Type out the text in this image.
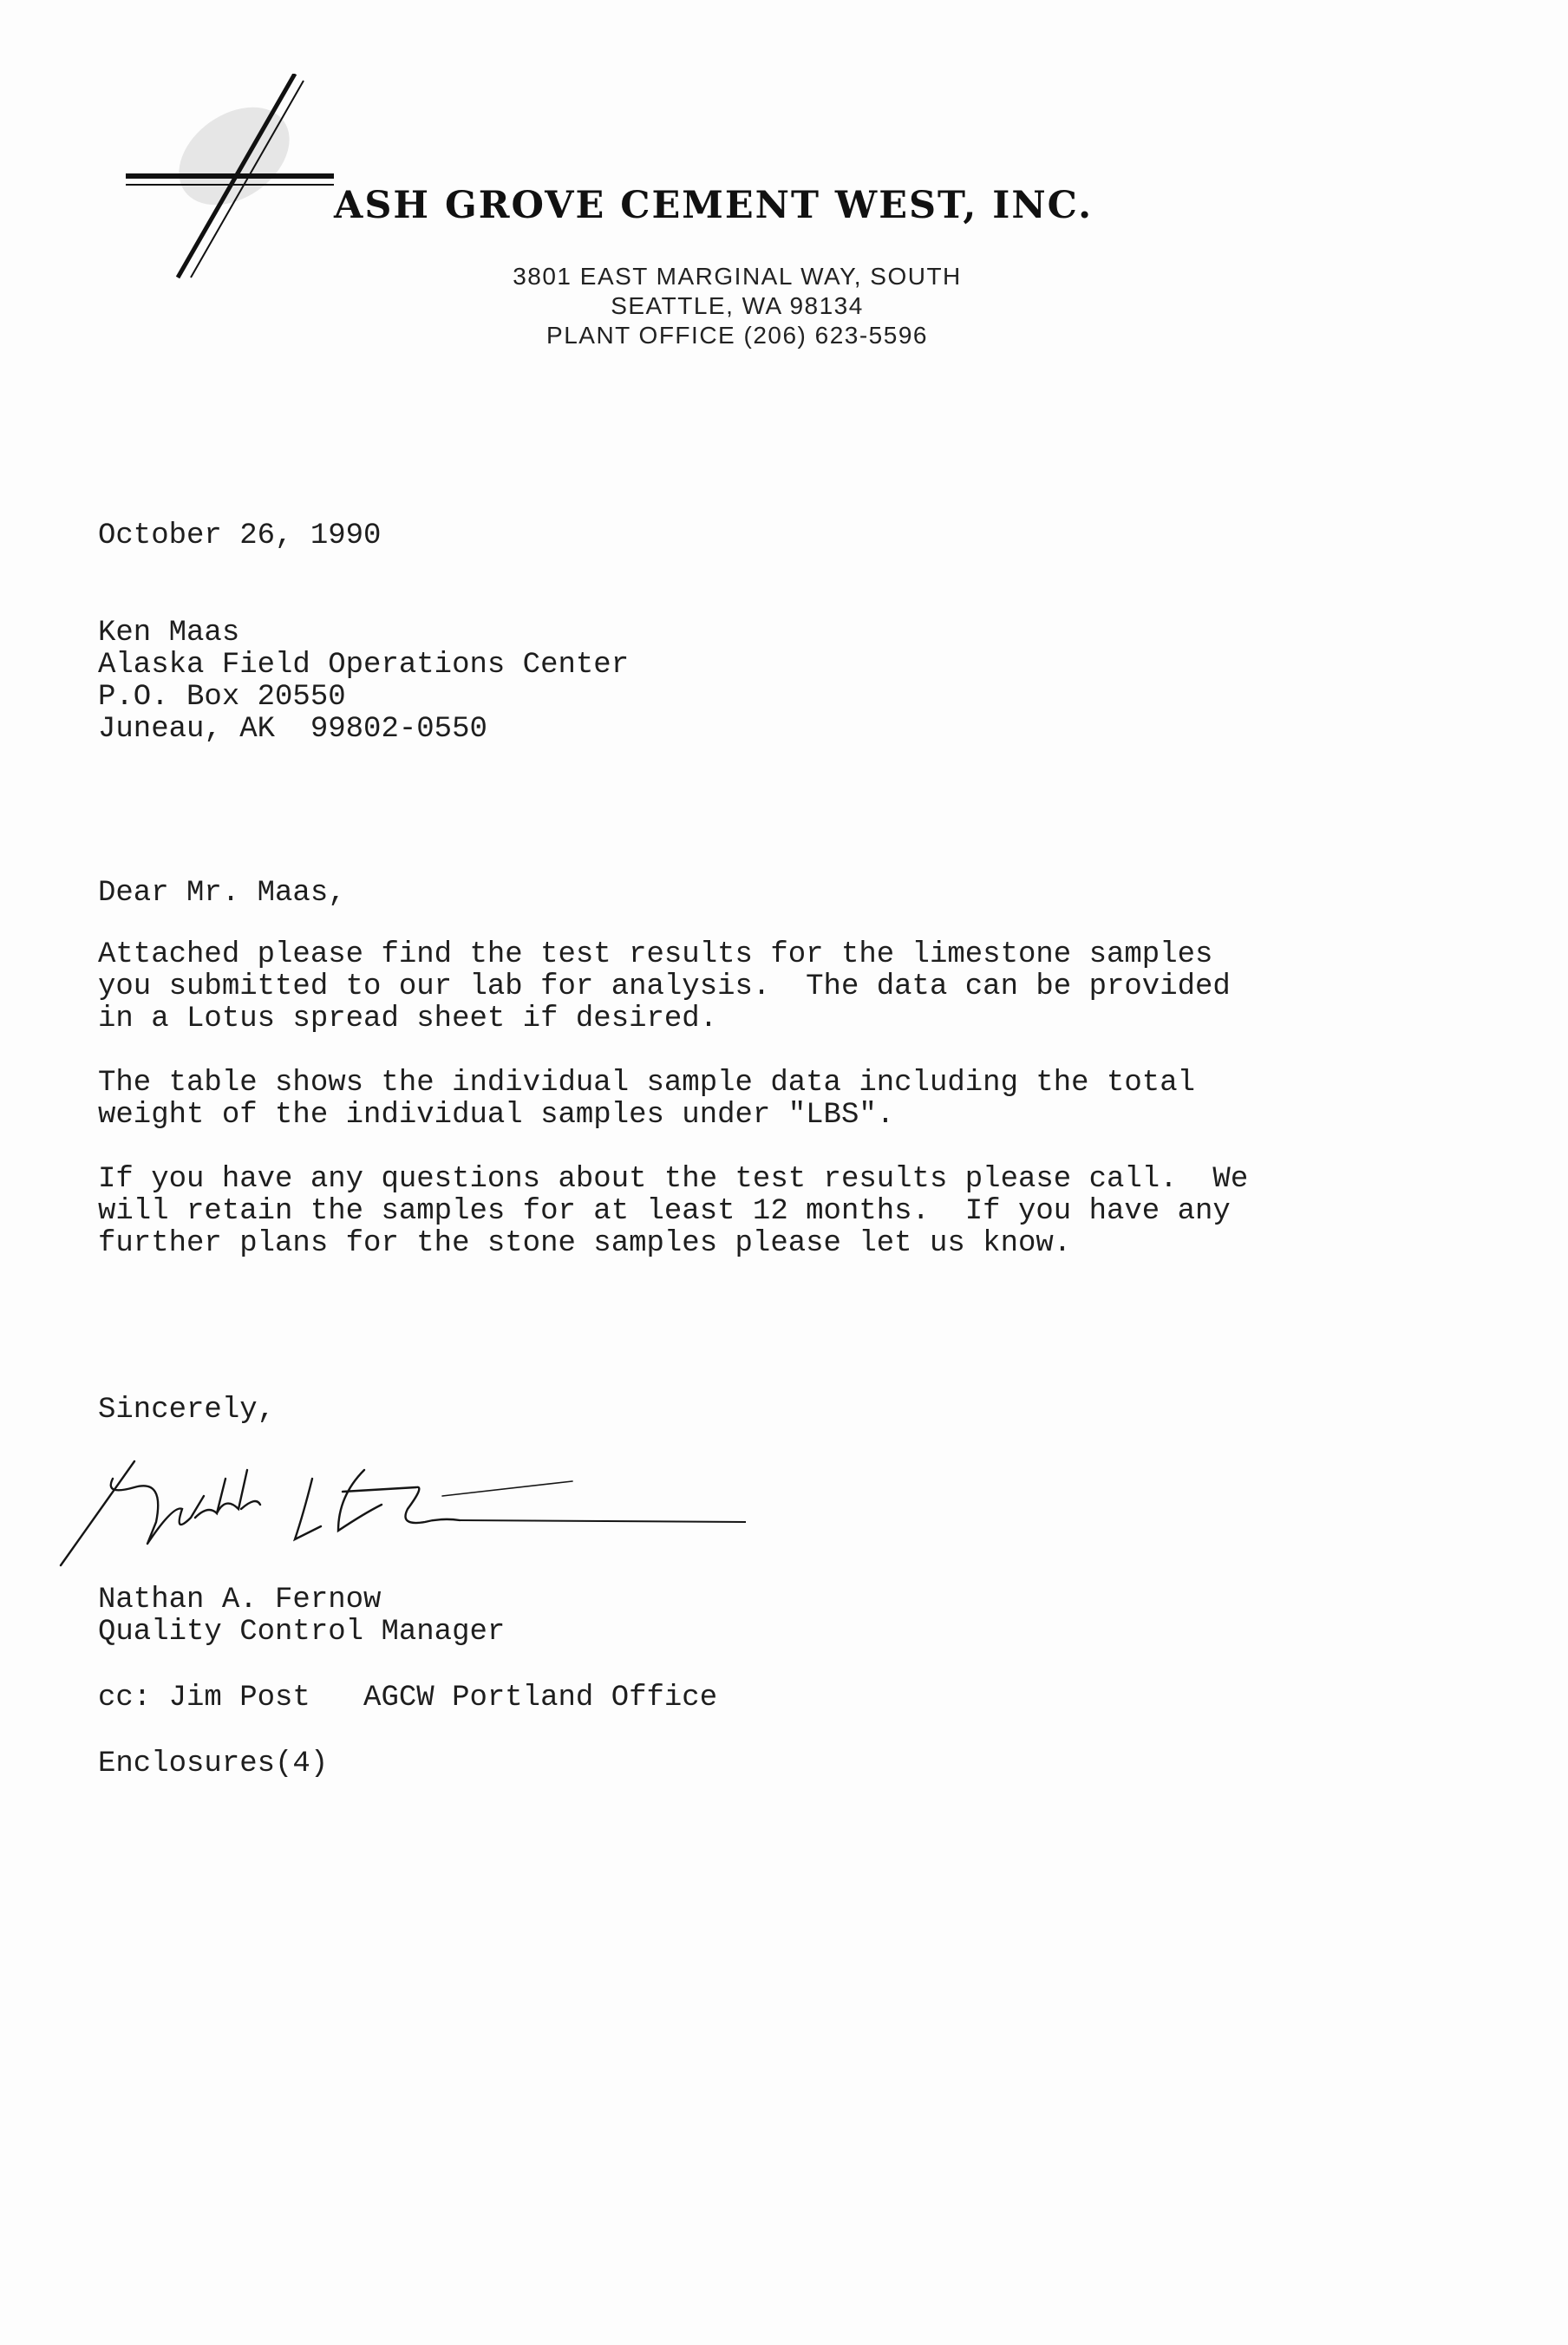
ASH GROVE CEMENT WEST, INC.
3801 EAST MARGINAL WAY, SOUTH
SEATTLE, WA 98134
PLANT OFFICE (206) 623-5596
October 26, 1990
Ken Maas
Alaska Field Operations Center
P.O. Box 20550
Juneau, AK  99802-0550
Dear Mr. Maas,
Attached please find the test results for the limestone samples
you submitted to our lab for analysis.  The data can be provided
in a Lotus spread sheet if desired.
The table shows the individual sample data including the total
weight of the individual samples under "LBS".
If you have any questions about the test results please call.  We
will retain the samples for at least 12 months.  If you have any
further plans for the stone samples please let us know.
Sincerely,
Nathan A. Fernow
Quality Control Manager
cc: Jim Post   AGCW Portland Office
Enclosures(4)
